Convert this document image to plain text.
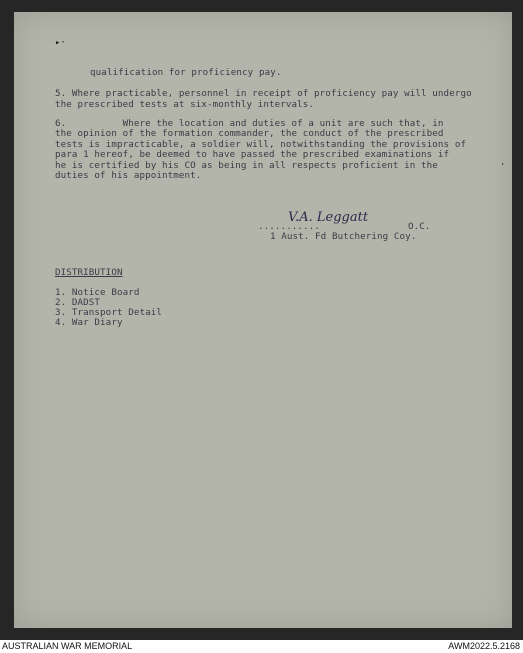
▸·
·
qualification for proficiency pay.
5. Where practicable, personnel in receipt of proficiency pay will undergo
the prescribed tests at six-monthly intervals.
6.          Where the location and duties of a unit are such that, in
the opinion of the formation commander, the conduct of the prescribed
tests is impracticable, a soldier will, notwithstanding the provisions of
para 1 hereof, be deemed to have passed the prescribed examinations if
he is certified by his CO as being in all respects proficient in the
duties of his appointment.
...........
V.A. Leggatt
O.C.
1 Aust. Fd Butchering Coy.
DISTRIBUTION
1. Notice Board
2. DADST
3. Transport Detail
4. War Diary
AUSTRALIAN WAR MEMORIAL	AWM2022.5.2168
